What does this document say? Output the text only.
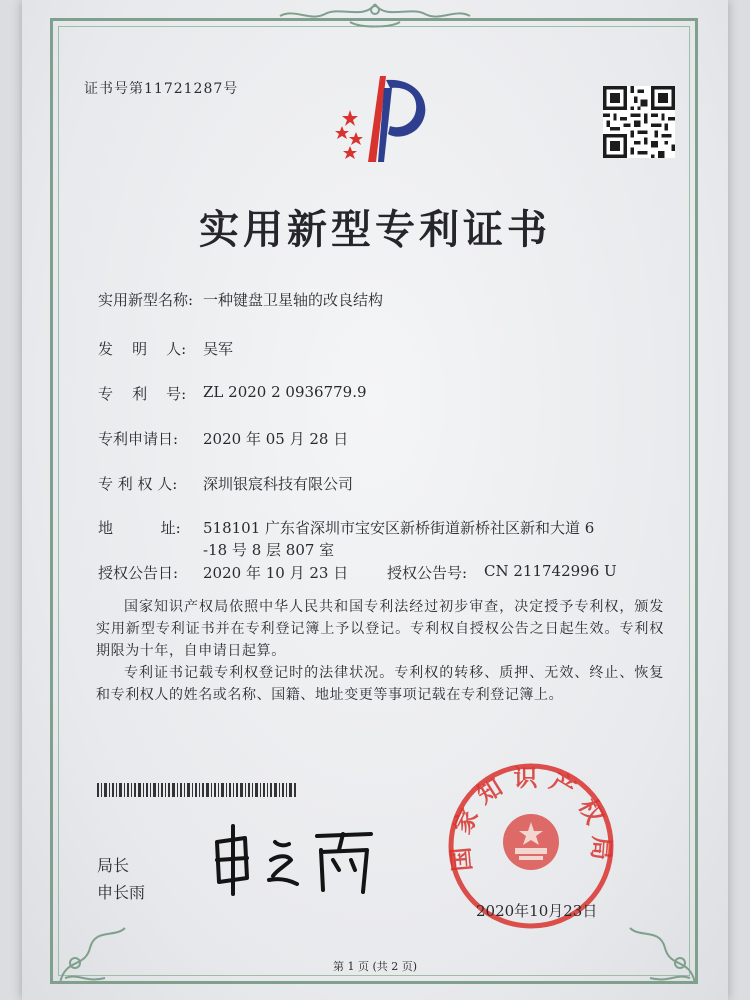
证书号第11721287号
实用新型专利证书
实用新型名称: 一种键盘卫星轴的改良结构
发    明    人: 吴军
专    利    号: ZL 2020 2 0936779.9
专利申请日: 2020 年 05 月 28 日
专 利 权 人: 深圳银宸科技有限公司
地          址: 518101 广东省深圳市宝安区新桥街道新桥社区新和大道 6
-18 号 8 层 807 室
授权公告日: 2020 年 10 月 23 日	授权公告号: CN 211742996 U
国家知识产权局依照中华人民共和国专利法经过初步审查，决定授予专利权，颁发实用新型专利证书并在专利登记簿上予以登记。专利权自授权公告之日起生效。专利权期限为十年，自申请日起算。
专利证书记载专利权登记时的法律状况。专利权的转移、质押、无效、终止、恢复和专利权人的姓名或名称、国籍、地址变更等事项记载在专利登记簿上。
局长
申长雨
国家知识产权局
2020年10月23日
第 1 页 (共 2 页)
